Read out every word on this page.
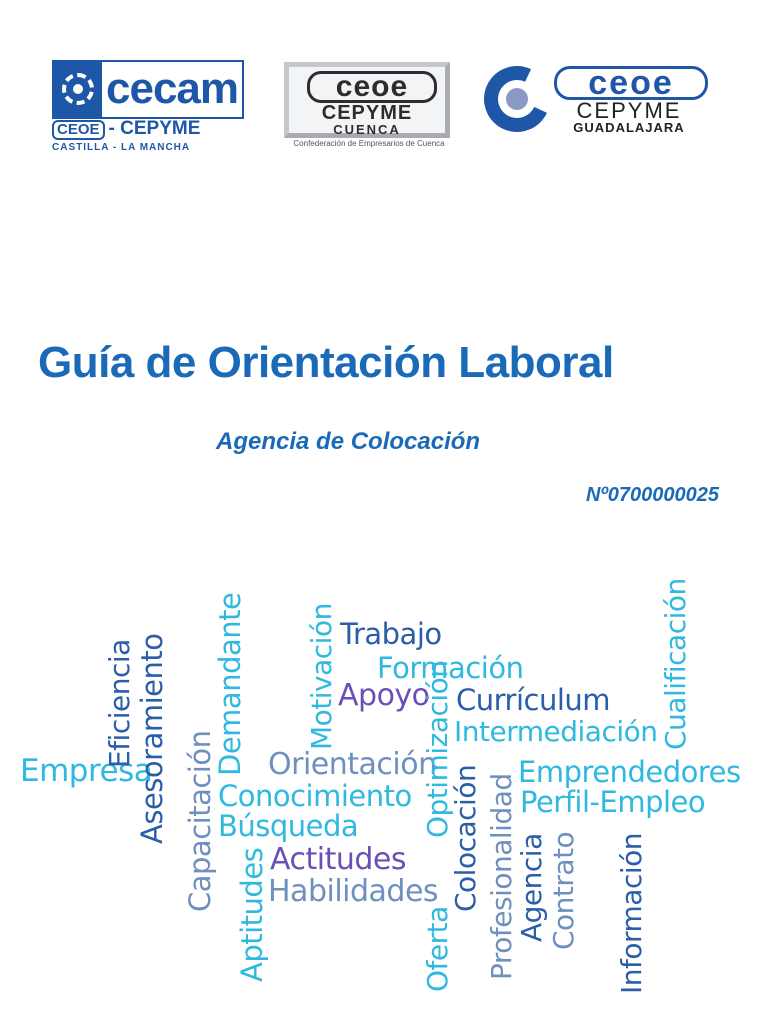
cecam
CEOE - CEPYME
CASTILLA - LA MANCHA
ceoe
CEPYME
CUENCA
Confederación de Empresarios de Cuenca
ceoe
CEPYME
GUADALAJARA
Guía de Orientación Laboral
Agencia de Colocación
Nº0700000025
Empresa
Trabajo
Formación
Apoyo Currículum
Intermediación
Orientación
Conocimiento
Búsqueda
Actitudes
Habilidades
Emprendedores
Perfil-Empleo
Eficiencia Asesoramiento Capacitación
Demandante
Aptitudes
Motivación	Optimización
Oferta
Colocación Profesionalidad
Agencia Contrato
Cualificación
Información
